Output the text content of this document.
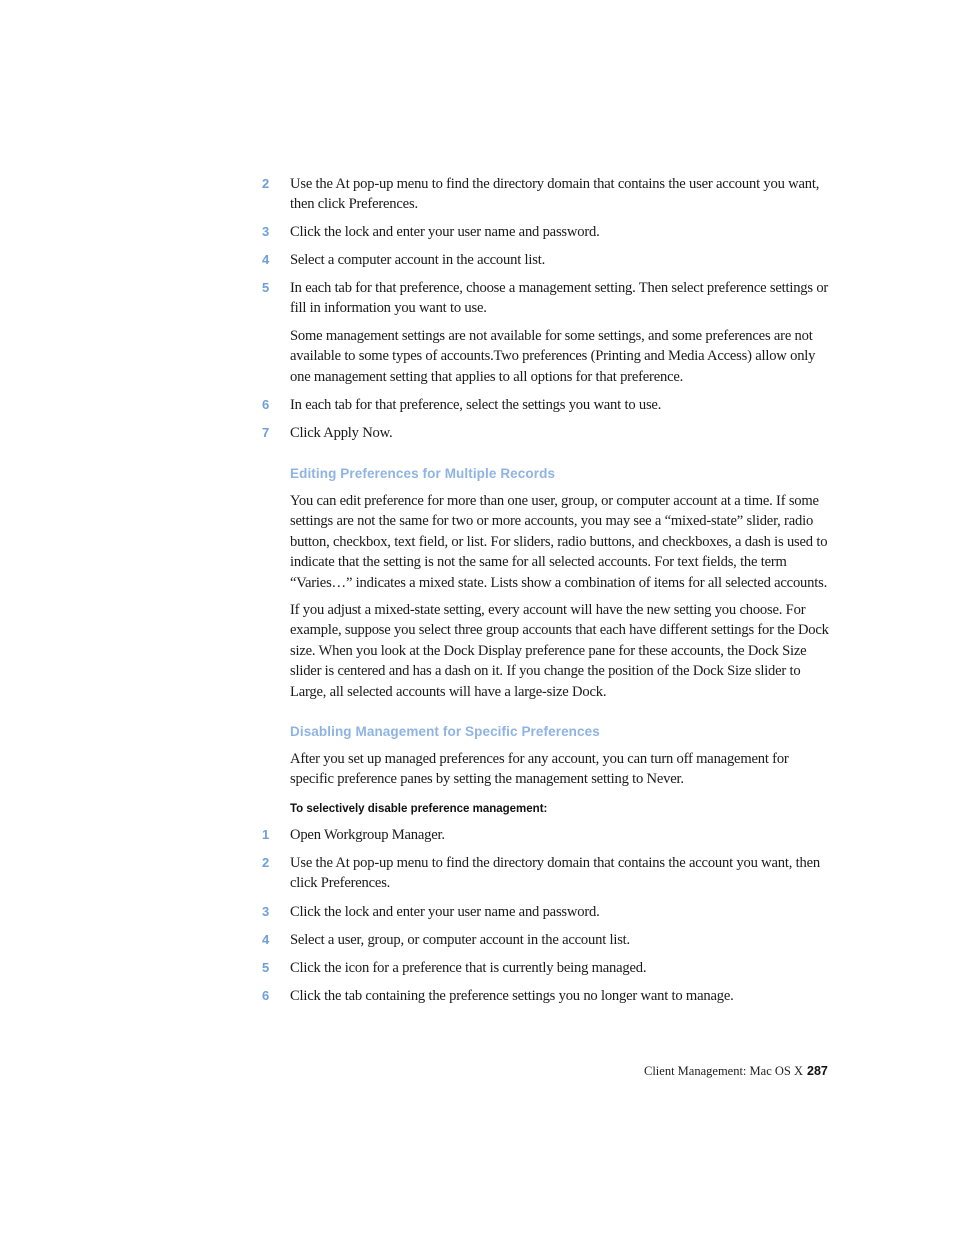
2	Use the At pop-up menu to find the directory domain that contains the user account you want, then click Preferences.
3	Click the lock and enter your user name and password.
4	Select a computer account in the account list.
5	In each tab for that preference, choose a management setting. Then select preference settings or fill in information you want to use.
Some management settings are not available for some settings, and some preferences are not available to some types of accounts.Two preferences (Printing and Media Access) allow only one management setting that applies to all options for that preference.
6	In each tab for that preference, select the settings you want to use.
7	Click Apply Now.
Editing Preferences for Multiple Records
You can edit preference for more than one user, group, or computer account at a time. If some settings are not the same for two or more accounts, you may see a “mixed-state” slider, radio button, checkbox, text field, or list. For sliders, radio buttons, and checkboxes, a dash is used to indicate that the setting is not the same for all selected accounts. For text fields, the term “Varies…” indicates a mixed state. Lists show a combination of items for all selected accounts.
If you adjust a mixed-state setting, every account will have the new setting you choose. For example, suppose you select three group accounts that each have different settings for the Dock size. When you look at the Dock Display preference pane for these accounts, the Dock Size slider is centered and has a dash on it. If you change the position of the Dock Size slider to Large, all selected accounts will have a large-size Dock.
Disabling Management for Specific Preferences
After you set up managed preferences for any account, you can turn off management for specific preference panes by setting the management setting to Never.
To selectively disable preference management:
1	Open Workgroup Manager.
2	Use the At pop-up menu to find the directory domain that contains the account you want, then click Preferences.
3	Click the lock and enter your user name and password.
4	Select a user, group, or computer account in the account list.
5	Click the icon for a preference that is currently being managed.
6	Click the tab containing the preference settings you no longer want to manage.
Client Management: Mac OS X 287
